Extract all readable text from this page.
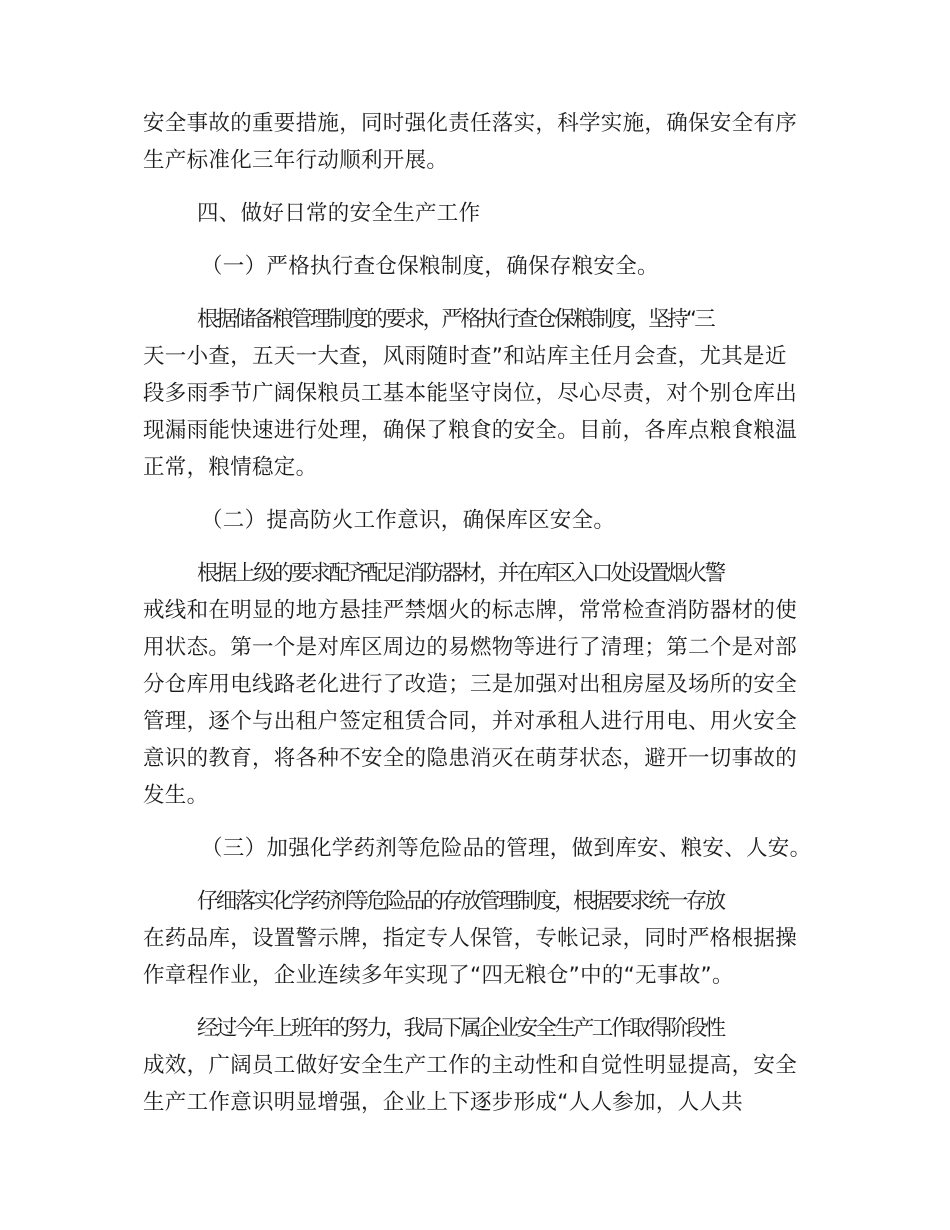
安全事故的重要措施，同时强化责任落实，科学实施，确保安全有序
生产标准化三年行动顺利开展。
四、做好日常的安全生产工作
（一）严格执行查仓保粮制度，确保存粮安全。
根据储备粮管理制度的要求，严格执行查仓保粮制度，坚持“三
天一小查，五天一大查，风雨随时查”和站库主任月会查，尤其是近
段多雨季节广阔保粮员工基本能坚守岗位，尽心尽责，对个别仓库出
现漏雨能快速进行处理，确保了粮食的安全。目前，各库点粮食粮温
正常，粮情稳定。
（二）提高防火工作意识，确保库区安全。
根据上级的要求配齐配足消防器材，并在库区入口处设置烟火警
戒线和在明显的地方悬挂严禁烟火的标志牌，常常检查消防器材的使
用状态。第一个是对库区周边的易燃物等进行了清理；第二个是对部
分仓库用电线路老化进行了改造；三是加强对出租房屋及场所的安全
管理，逐个与出租户签定租赁合同，并对承租人进行用电、用火安全
意识的教育，将各种不安全的隐患消灭在萌芽状态，避开一切事故的
发生。
（三）加强化学药剂等危险品的管理，做到库安、粮安、人安。
仔细落实化学药剂等危险品的存放管理制度，根据要求统一存放
在药品库，设置警示牌，指定专人保管，专帐记录，同时严格根据操
作章程作业，企业连续多年实现了“四无粮仓”中的“无事故”。
经过今年上班年的努力，我局下属企业安全生产工作取得阶段性
成效，广阔员工做好安全生产工作的主动性和自觉性明显提高，安全
生产工作意识明显增强，企业上下逐步形成“人人参加，人人共
